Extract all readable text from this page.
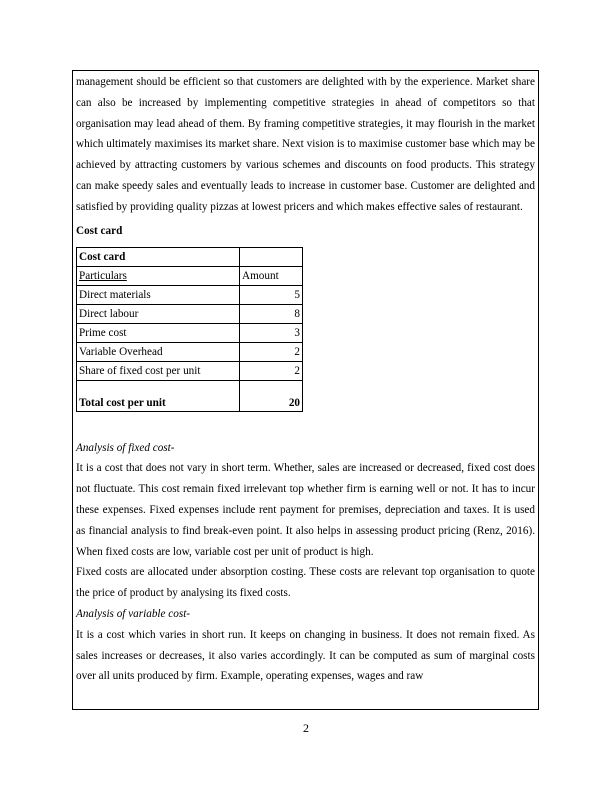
management should be efficient so that customers are delighted with by the experience. Market share can also be increased by implementing competitive strategies in ahead of competitors so that organisation may lead ahead of them. By framing competitive strategies, it may flourish in the market which ultimately maximises its market share. Next vision is to maximise customer base which may be achieved by attracting customers by various schemes and discounts on food products. This strategy can make speedy sales and eventually leads to increase in customer base. Customer are delighted and satisfied by providing quality pizzas at lowest pricers and which makes effective sales of restaurant.

Cost card
Cost card	
Particulars	Amount
Direct materials	5
Direct labour	8
Prime cost	3
Variable Overhead	2
Share of fixed cost per unit	2
Total cost per unit	20
Analysis of fixed cost-

It is a cost that does not vary in short term. Whether, sales are increased or decreased, fixed cost does not fluctuate. This cost remain fixed irrelevant top whether firm is earning well or not. It has to incur these expenses. Fixed expenses include rent payment for premises, depreciation and taxes. It is used as financial analysis to find break-even point. It also helps in assessing product pricing (Renz, 2016). When fixed costs are low, variable cost per unit of product is high.

Fixed costs are allocated under absorption costing. These costs are relevant top organisation to quote the price of product by analysing its fixed costs.

Analysis of variable cost-

It is a cost which varies in short run. It keeps on changing in business. It does not remain fixed. As sales increases or decreases, it also varies accordingly. It can be computed as sum of marginal costs over all units produced by firm. Example, operating expenses, wages and raw

2
